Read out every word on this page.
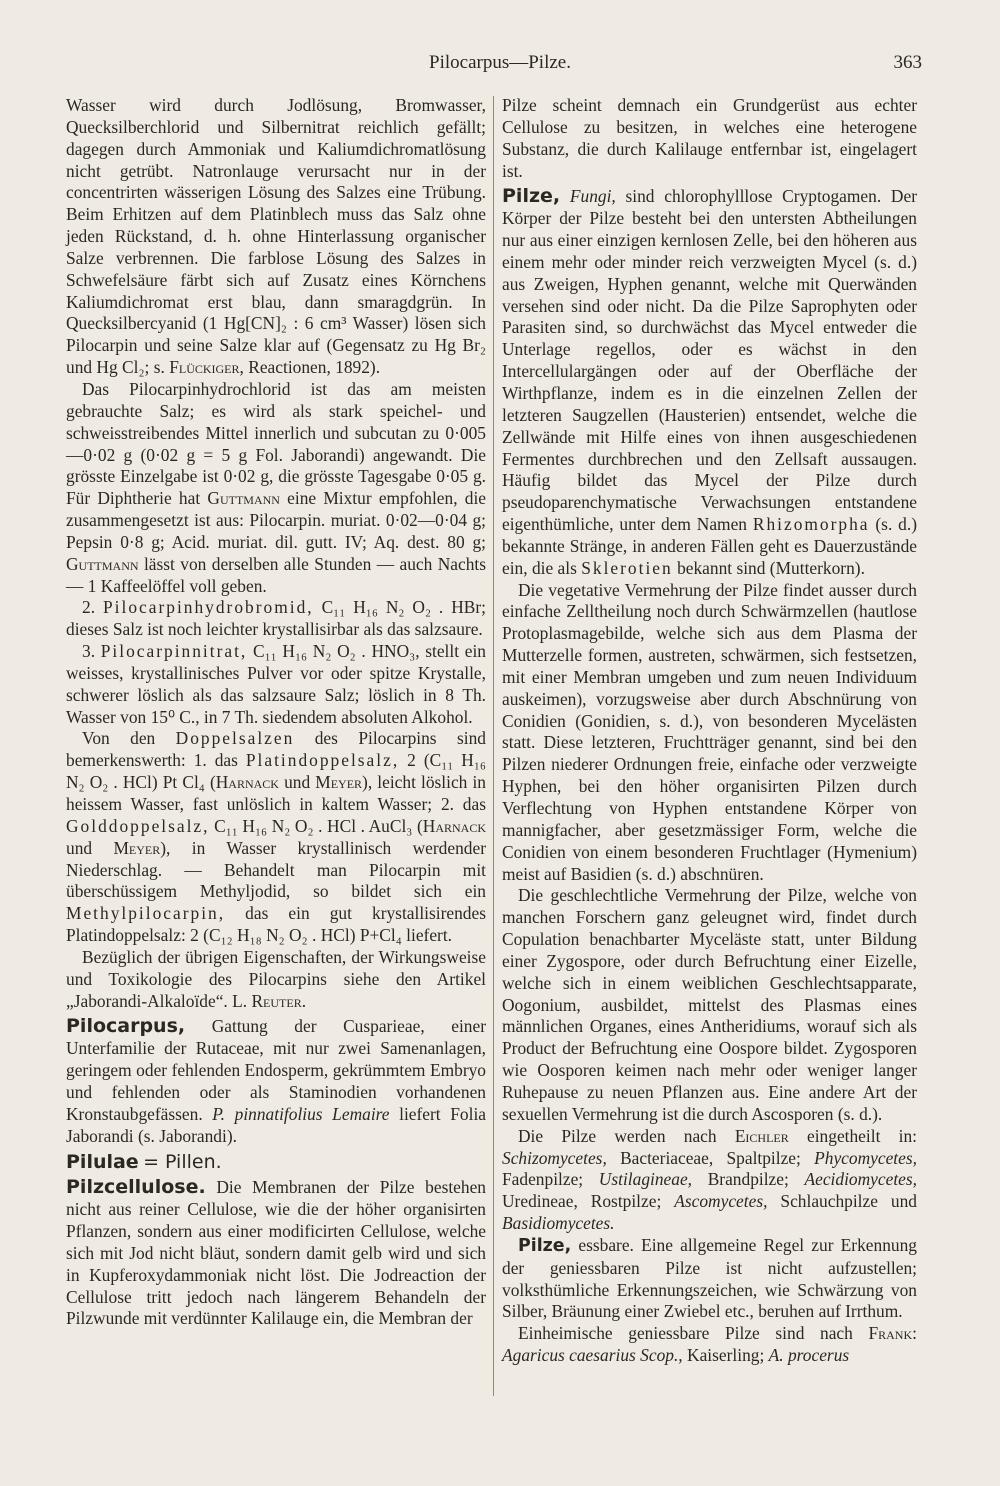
Pilocarpus—Pilze.	363

Wasser wird durch Jodlösung, Bromwasser, Quecksilberchlorid und Silbernitrat reichlich gefällt; dagegen durch Ammoniak und Kaliumdichromatlösung nicht getrübt. Natronlauge verursacht nur in der concentrirten wässerigen Lösung des Salzes eine Trübung. Beim Erhitzen auf dem Platinblech muss das Salz ohne jeden Rückstand, d. h. ohne Hinterlassung organischer Salze verbrennen. Die farblose Lösung des Salzes in Schwefelsäure färbt sich auf Zusatz eines Körnchens Kaliumdichromat erst blau, dann smaragdgrün. In Quecksilbercyanid (1 Hg[CN]₂ : 6 cm³ Wasser) lösen sich Pilocarpin und seine Salze klar auf (Gegensatz zu Hg Br₂ und Hg Cl₂; s. Flückiger, Reactionen, 1892).

Das Pilocarpinhydrochlorid ist das am meisten gebrauchte Salz; es wird als stark speichel- und schweisstreibendes Mittel innerlich und subcutan zu 0·005—0·02 g (0·02 g = 5 g Fol. Jaborandi) angewandt. Die grösste Einzelgabe ist 0·02 g, die grösste Tagesgabe 0·05 g. Für Diphtherie hat Guttmann eine Mixtur empfohlen, die zusammengesetzt ist aus: Pilocarpin. muriat. 0·02—0·04 g; Pepsin 0·8 g; Acid. muriat. dil. gutt. IV; Aq. dest. 80 g; Guttmann lässt von derselben alle Stunden — auch Nachts — 1 Kaffeelöffel voll geben.

2. Pilocarpinhydrobromid, C₁₁ H₁₆ N₂ O₂ . HBr; dieses Salz ist noch leichter krystallisirbar als das salzsaure.

3. Pilocarpinnitrat, C₁₁ H₁₆ N₂ O₂ . HNO₃, stellt ein weisses, krystallinisches Pulver vor oder spitze Krystalle, schwerer löslich als das salzsaure Salz; löslich in 8 Th. Wasser von 15⁰ C., in 7 Th. siedendem absoluten Alkohol.

Von den Doppelsalzen des Pilocarpins sind bemerkenswerth: 1. das Platindoppelsalz, 2 (C₁₁ H₁₆ N₂ O₂ . HCl) Pt Cl₄ (Harnack und Meyer), leicht löslich in heissem Wasser, fast unlöslich in kaltem Wasser; 2. das Golddoppelsalz, C₁₁ H₁₆ N₂ O₂ . HCl . AuCl₃ (Harnack und Meyer), in Wasser krystallinisch werdender Niederschlag. — Behandelt man Pilocarpin mit überschüssigem Methyljodid, so bildet sich ein Methylpilocarpin, das ein gut krystallisirendes Platindoppelsalz: 2 (C₁₂ H₁₈ N₂ O₂ . HCl) P+Cl₄ liefert.

Bezüglich der übrigen Eigenschaften, der Wirkungsweise und Toxikologie des Pilocarpins siehe den Artikel „Jaborandi-Alkaloïde“. L. Reuter.

Pilocarpus, Gattung der Cusparieae, einer Unterfamilie der Rutaceae, mit nur zwei Samenanlagen, geringem oder fehlenden Endosperm, gekrümmtem Embryo und fehlenden oder als Staminodien vorhandenen Kronstaubgefässen. P. pinnatifolius Lemaire liefert Folia Jaborandi (s. Jaborandi).

Pilulae = Pillen.

Pilzcellulose. Die Membranen der Pilze bestehen nicht aus reiner Cellulose, wie die der höher organisirten Pflanzen, sondern aus einer modificirten Cellulose, welche sich mit Jod nicht bläut, sondern damit gelb wird und sich in Kupferoxydammoniak nicht löst. Die Jodreaction der Cellulose tritt jedoch nach längerem Behandeln der Pilzwunde mit verdünnter Kalilauge ein, die Membran der

Pilze scheint demnach ein Grundgerüst aus echter Cellulose zu besitzen, in welches eine heterogene Substanz, die durch Kalilauge entfernbar ist, eingelagert ist.

Pilze, Fungi, sind chlorophylllose Cryptogamen. Der Körper der Pilze besteht bei den untersten Abtheilungen nur aus einer einzigen kernlosen Zelle, bei den höheren aus einem mehr oder minder reich verzweigten Mycel (s. d.) aus Zweigen, Hyphen genannt, welche mit Querwänden versehen sind oder nicht. Da die Pilze Saprophyten oder Parasiten sind, so durchwächst das Mycel entweder die Unterlage regellos, oder es wächst in den Intercellulargängen oder auf der Oberfläche der Wirthpflanze, indem es in die einzelnen Zellen der letzteren Saugzellen (Hausterien) entsendet, welche die Zellwände mit Hilfe eines von ihnen ausgeschiedenen Fermentes durchbrechen und den Zellsaft aussaugen. Häufig bildet das Mycel der Pilze durch pseudoparenchymatische Verwachsungen entstandene eigenthümliche, unter dem Namen Rhizomorpha (s. d.) bekannte Stränge, in anderen Fällen geht es Dauerzustände ein, die als Sklerotien bekannt sind (Mutterkorn).

Die vegetative Vermehrung der Pilze findet ausser durch einfache Zelltheilung noch durch Schwärmzellen (hautlose Protoplasmagebilde, welche sich aus dem Plasma der Mutterzelle formen, austreten, schwärmen, sich festsetzen, mit einer Membran umgeben und zum neuen Individuum auskeimen), vorzugsweise aber durch Abschnürung von Conidien (Gonidien, s. d.), von besonderen Mycelästen statt. Diese letzteren, Fruchtträger genannt, sind bei den Pilzen niederer Ordnungen freie, einfache oder verzweigte Hyphen, bei den höher organisirten Pilzen durch Verflechtung von Hyphen entstandene Körper von mannigfacher, aber gesetzmässiger Form, welche die Conidien von einem besonderen Fruchtlager (Hymenium) meist auf Basidien (s. d.) abschnüren.

Die geschlechtliche Vermehrung der Pilze, welche von manchen Forschern ganz geleugnet wird, findet durch Copulation benachbarter Myceläste statt, unter Bildung einer Zygospore, oder durch Befruchtung einer Eizelle, welche sich in einem weiblichen Geschlechtsapparate, Oogonium, ausbildet, mittelst des Plasmas eines männlichen Organes, eines Antheridiums, worauf sich als Product der Befruchtung eine Oospore bildet. Zygosporen wie Oosporen keimen nach mehr oder weniger langer Ruhepause zu neuen Pflanzen aus. Eine andere Art der sexuellen Vermehrung ist die durch Ascosporen (s. d.).

Die Pilze werden nach Eichler eingetheilt in: Schizomycetes, Bacteriaceae, Spaltpilze; Phycomycetes, Fadenpilze; Ustilagineae, Brandpilze; Aecidiomycetes, Uredineae, Rostpilze; Ascomycetes, Schlauchpilze und Basidiomycetes.

Pilze, essbare. Eine allgemeine Regel zur Erkennung der geniessbaren Pilze ist nicht aufzustellen; volksthümliche Erkennungszeichen, wie Schwärzung von Silber, Bräunung einer Zwiebel etc., beruhen auf Irrthum.

Einheimische geniessbare Pilze sind nach Frank: Agaricus caesarius Scop., Kaiserling; A. procerus
